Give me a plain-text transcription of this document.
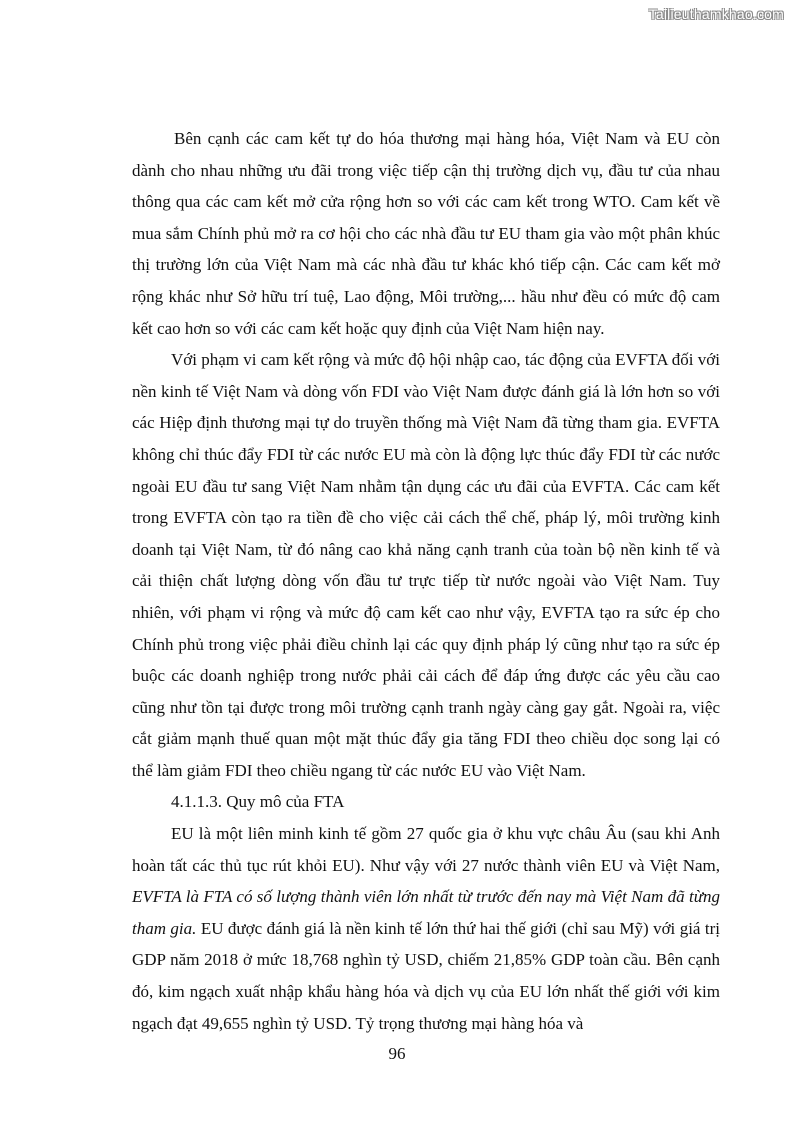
Tailieuthamkhao.com

Bên cạnh các cam kết tự do hóa thương mại hàng hóa, Việt Nam và EU còn dành cho nhau những ưu đãi trong việc tiếp cận thị trường dịch vụ, đầu tư của nhau thông qua các cam kết mở cửa rộng hơn so với các cam kết trong WTO. Cam kết về mua sắm Chính phủ mở ra cơ hội cho các nhà đầu tư EU tham gia vào một phân khúc thị trường lớn của Việt Nam mà các nhà đầu tư khác khó tiếp cận. Các cam kết mở rộng khác như Sở hữu trí tuệ, Lao động, Môi trường,... hầu như đều có mức độ cam kết cao hơn so với các cam kết hoặc quy định của Việt Nam hiện nay.

Với phạm vi cam kết rộng và mức độ hội nhập cao, tác động của EVFTA đối với nền kinh tế Việt Nam và dòng vốn FDI vào Việt Nam được đánh giá là lớn hơn so với các Hiệp định thương mại tự do truyền thống mà Việt Nam đã từng tham gia. EVFTA không chỉ thúc đẩy FDI từ các nước EU mà còn là động lực thúc đẩy FDI từ các nước ngoài EU đầu tư sang Việt Nam nhằm tận dụng các ưu đãi của EVFTA. Các cam kết trong EVFTA còn tạo ra tiền đề cho việc cải cách thể chế, pháp lý, môi trường kinh doanh tại Việt Nam, từ đó nâng cao khả năng cạnh tranh của toàn bộ nền kinh tế và cải thiện chất lượng dòng vốn đầu tư trực tiếp từ nước ngoài vào Việt Nam. Tuy nhiên, với phạm vi rộng và mức độ cam kết cao như vậy, EVFTA tạo ra sức ép cho Chính phủ trong việc phải điều chỉnh lại các quy định pháp lý cũng như tạo ra sức ép buộc các doanh nghiệp trong nước phải cải cách để đáp ứng được các yêu cầu cao cũng như tồn tại được trong môi trường cạnh tranh ngày càng gay gắt. Ngoài ra, việc cắt giảm mạnh thuế quan một mặt thúc đẩy gia tăng FDI theo chiều dọc song lại có thể làm giảm FDI theo chiều ngang từ các nước EU vào Việt Nam.

4.1.1.3. Quy mô của FTA

EU là một liên minh kinh tế gồm 27 quốc gia ở khu vực châu Âu (sau khi Anh hoàn tất các thủ tục rút khỏi EU). Như vậy với 27 nước thành viên EU và Việt Nam, EVFTA là FTA có số lượng thành viên lớn nhất từ trước đến nay mà Việt Nam đã từng tham gia. EU được đánh giá là nền kinh tế lớn thứ hai thế giới (chỉ sau Mỹ) với giá trị GDP năm 2018 ở mức 18,768 nghìn tỷ USD, chiếm 21,85% GDP toàn cầu. Bên cạnh đó, kim ngạch xuất nhập khẩu hàng hóa và dịch vụ của EU lớn nhất thế giới với kim ngạch đạt 49,655 nghìn tỷ USD. Tỷ trọng thương mại hàng hóa và

96
